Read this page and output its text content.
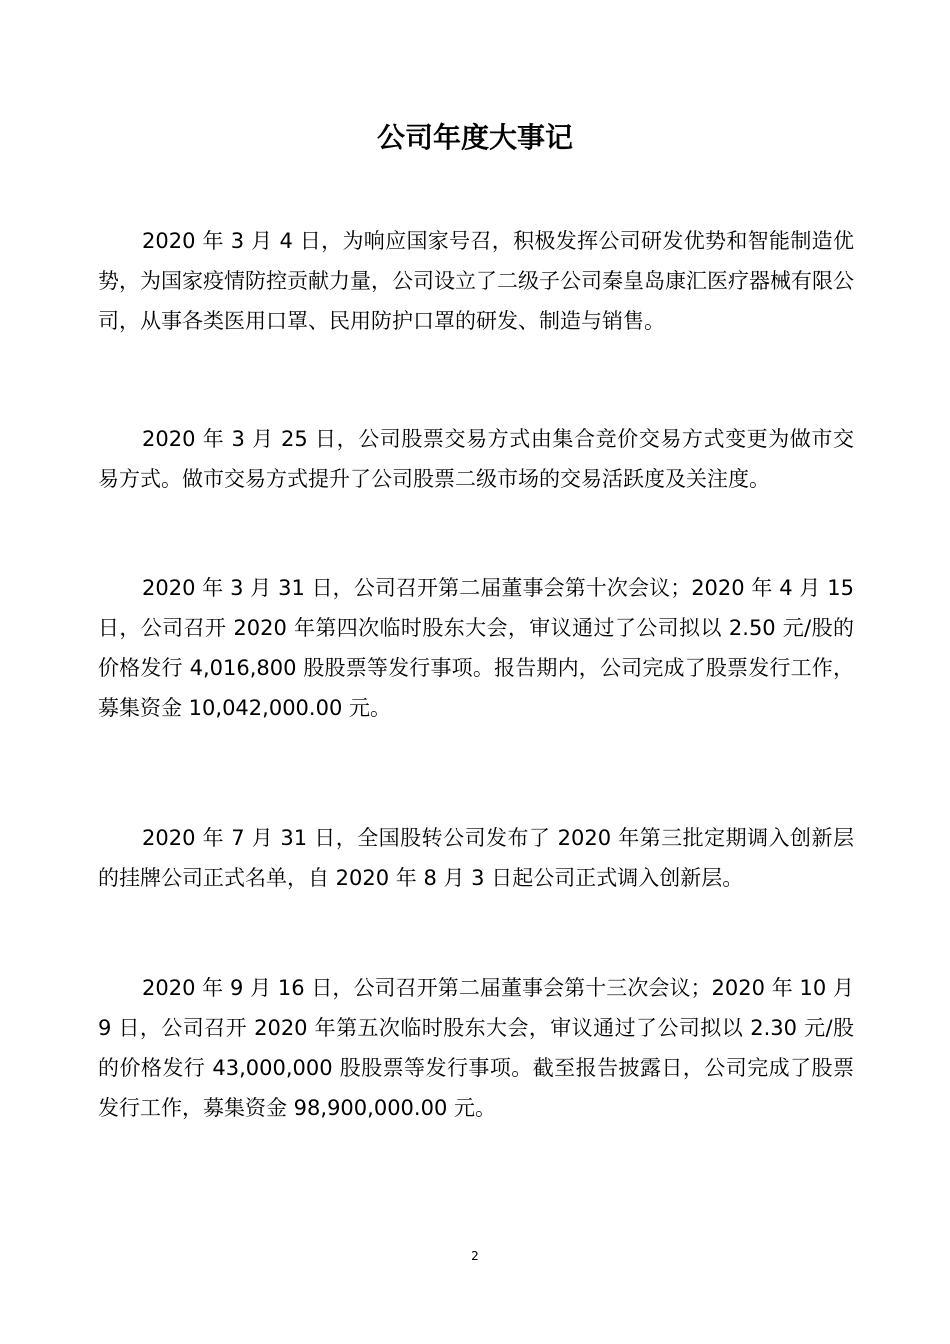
公司年度大事记

2020 年 3 月 4 日，为响应国家号召，积极发挥公司研发优势和智能制造优势，为国家疫情防控贡献力量，公司设立了二级子公司秦皇岛康汇医疗器械有限公司，从事各类医用口罩、民用防护口罩的研发、制造与销售。

2020 年 3 月 25 日，公司股票交易方式由集合竞价交易方式变更为做市交易方式。做市交易方式提升了公司股票二级市场的交易活跃度及关注度。

2020 年 3 月 31 日，公司召开第二届董事会第十次会议；2020 年 4 月 15 日，公司召开 2020 年第四次临时股东大会，审议通过了公司拟以 2.50 元/股的价格发行 4,016,800 股股票等发行事项。报告期内，公司完成了股票发行工作，募集资金 10,042,000.00 元。

2020 年 7 月 31 日，全国股转公司发布了 2020 年第三批定期调入创新层的挂牌公司正式名单，自 2020 年 8 月 3 日起公司正式调入创新层。

2020 年 9 月 16 日，公司召开第二届董事会第十三次会议；2020 年 10 月 9 日，公司召开 2020 年第五次临时股东大会，审议通过了公司拟以 2.30 元/股的价格发行 43,000,000 股股票等发行事项。截至报告披露日，公司完成了股票发行工作，募集资金 98,900,000.00 元。

2
